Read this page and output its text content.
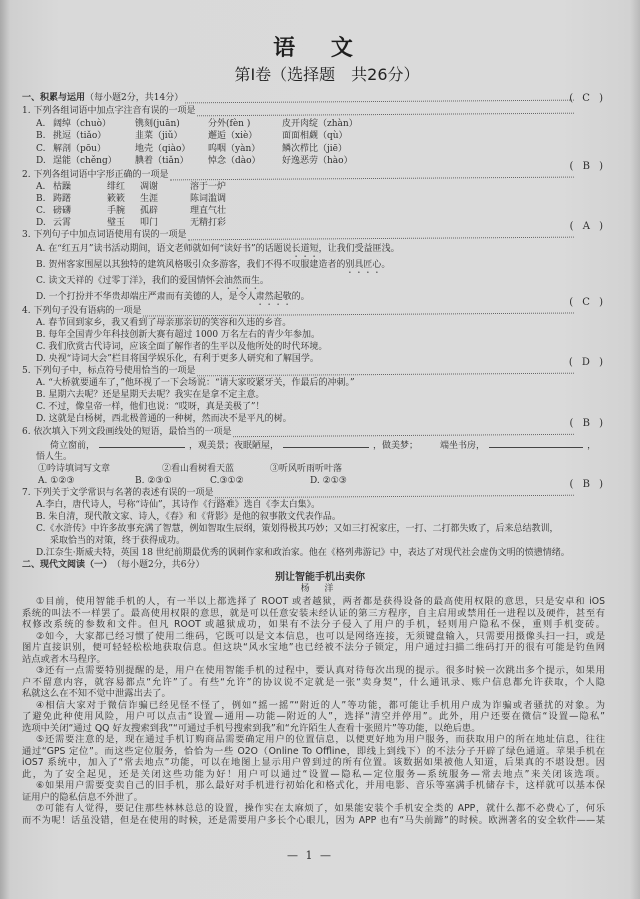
语 文
第Ⅰ卷（选择题　共26分）
一、积累与运用 （每小题2分，共14分）
1. 下列各组词语中加点字注音有误的一项是
( C )
A. 阔绰（chuò）	镌刻(juān)	分外(fèn )	皮开肉绽（zhàn）
B. 挑逗（tiǎo）	韭菜（jiǔ）	邂逅（xiè）	面面相觑（qù）
C. 解剖（pōu）	地壳（qiào） 呜咽（yàn） 鳞次栉比（jiē）
D. 逞能（chěng） 腆着（tiǎn） 悼念（dào） 好逸恶劳（hào）
2. 下列各组词语中字形正确的一项是
( B )
A. 枯躁	绯红 凋谢	溶于一炉
B. 踌躇	簌簌 生涯	陈词滥调
C. 磅礴	手腕 孤辟	理直气壮
D. 云霄	璧玉 叩门	无精打彩
3. 下列句子中加点词语使用有误的一项是
( A )
A. 在“红五月”读书活动期间，语文老师就如何“读好书”的话题说长道短，让我们受益匪浅。
B. 贺州客家围屋以其独特的建筑风格吸引众多游客，我们不得不叹服建造者的别具匠心。
C. 读文天祥的《过零丁洋》，我们的爱国情怀会油然而生。
D. 一个打扮并不华贵却端庄严肃而有美德的人，是令人肃然起敬的。
4. 下列句子没有语病的一项是
( C )
A. 春节回到家乡，我又看到了母亲那亲切的笑容和久违的乡音。
B. 每年全国青少年科技创新大赛有超过 1000 万名左右的青少年参加。
C. 我们欣赏古代诗词，应该全面了解作者的生平以及他所处的时代环境。
D. 央视“诗词大会”栏目将国学娱乐化，有利于更多人研究和了解国学。
5. 下列句子中，标点符号使用恰当的一项是
( D )
A. “大桥就要通车了，”他环视了一下会场说：“请大家咬紧牙关，作最后的冲刺。”
B. 星期六去呢？还是星期天去呢？我实在是拿不定主意。
C. 不过，像皇帝一样，他们也说：“哎呀，真是美极了”！
D. 这就是白杨树，西北极普通的一种树，然而决不是平凡的树。
6. 依次填入下列文段画线处的短语，最恰当的一项是
( B )
倚立窗前，	，观美景；夜眠陋屋，	，做美梦； 端坐书房，	，
悟人生。
①吟诗填词写文章	②看山看树看天蓝	③听风听雨听叶落
A. ①②③	B. ②③①	C.③①②	D. ②①③
7. 下列关于文学常识与名著的表述有误的一项是
( B )
A.李白，唐代诗人，号称“诗仙”，其诗作《行路难》选自《李太白集》。
B. 朱自清，现代散文家、诗人，《春》和《背影》是他的叙事散文代表作品。
C.《水浒传》中许多故事充满了智慧，例如智取生辰纲，策划得极其巧妙；又如三打祝家庄，一打、二打都失败了，后来总结教训，
采取恰当的对策，终于获得成功。
D.江奈生·斯威夫特，英国 18 世纪前期最优秀的讽刺作家和政治家。他在《格列弗游记》中，表达了对现代社会虚伪文明的愤懑情绪。
二、现代文阅读（一） （每小题2分，共6分）
别让智能手机出卖你
杨 洋
①目前，使用智能手机的人，有一半以上都选择了 ROOT 或者越狱，两者都是获得设备的最高使用权限的意思，只是安卓和 iOS
系统的叫法不一样罢了。最高使用权限的意思，就是可以任意安装未经认证的第三方程序，自主启用或禁用任一进程以及硬件，甚至有
权修改系统的参数和文件。但凡 ROOT 或越狱成功，如果有不法分子侵入了用户的手机，轻则用户隐私不保，重则手机变砖。
②如今，大家都已经习惯了使用二维码，它既可以是文本信息，也可以是网络连接，无须键盘输入，只需要用摄像头扫一扫，或是
图片直接识别，便可轻轻松松地获取信息。但这块“风水宝地”也已经被不法分子锁定，用户通过扫描二维码打开的很有可能是钓鱼网
站点或者木马程序。
③还有一点需要特别提醒的是，用户在使用智能手机的过程中，要认真对待每次出现的提示。很多时候一次跳出多个提示，如果用
户不留意内容，就容易都点“允许”了。有些“允许”的协议说不定就是一张“卖身契”，什么通讯录、账户信息都允许获取，个人隐
私就这么在不知不觉中泄露出去了。
④相信大家对于微信诈骗已经见怪不怪了，例如“摇一摇”“附近的人”等功能，都可能让手机用户成为诈骗或者骚扰的对象。为
了避免此种使用风险，用户可以点击“设置—通用—功能—附近的人”，选择“清空并停用”。此外，用户还要在微信“设置—隐私”
选项中关闭“通过 QQ 好友搜索到我”“可通过手机号搜索到我”和“允许陌生人查看十张照片”等功能，以绝后患。
⑤还需要注意的是，现在通过手机订购商品需要确定用户的位置信息，以便更好地为用户服务，而获取用户的所在地址信息，往往
通过“GPS 定位”。而这些定位服务，恰恰为一些 O2O（Online To Offline，即线上到线下）的不法分子开辟了绿色通道。苹果手机在
iOS7 系统中，加入了“常去地点”功能，可以在地图上显示用户曾到过的所有位置。该数据如果被他人知道，后果真的不堪设想。因
此，为了安全起见，还是关闭这些功能为好！用户可以通过“设置—隐私—定位服务—系统服务—常去地点”来关闭该选项。
⑥如果用户需要变卖自己的旧手机，那么最好对手机进行初始化和格式化，并用电影、音乐等塞满手机储存卡，这样就可以基本保
证用户的隐私信息不外泄了。
⑦可能有人觉得，要记住那些林林总总的设置，操作实在太麻烦了，如果能安装个手机安全类的 APP，就什么都不必费心了，何乐
而不为呢！话虽没错，但是在使用的时候，还是需要用户多长个心眼儿，因为 APP 也有“马失前蹄”的时候。欧洲著名的安全软件——某
— 1 —
